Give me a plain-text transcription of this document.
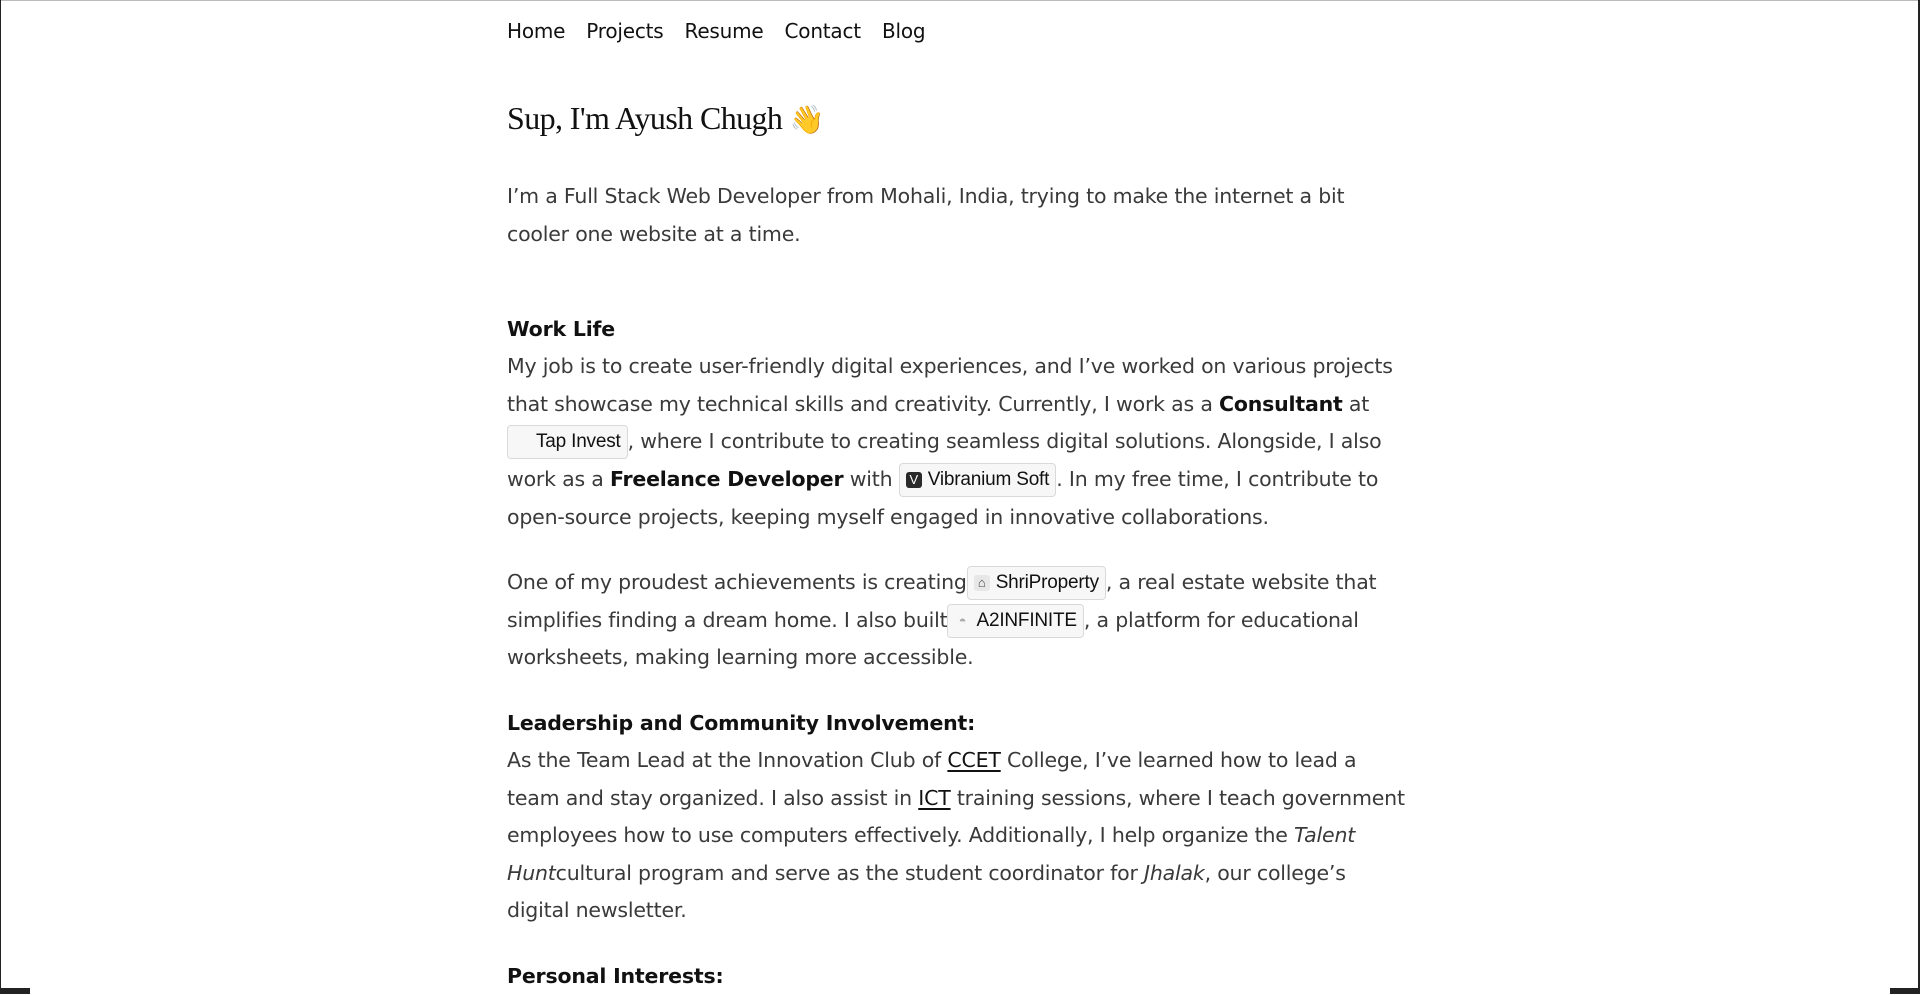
Home Projects Resume Contact Blog
Sup, I'm Ayush Chugh 👋

I’m a Full Stack Web Developer from Mohali, India, trying to make the internet a bit cooler one website at a time.

Work Life

My job is to create user-friendly digital experiences, and I’ve worked on various projects that showcase my technical skills and creativity. Currently, I work as a Consultant at

Tap Invest , where I contribute to creating seamless digital solutions. Alongside, I also work as a Freelance Developer with V Vibranium Soft . In my free time, I contribute to open-source projects, keeping myself engaged in innovative collaborations.

One of my proudest achievements is creating ⌂ ShriProperty , a real estate website that simplifies finding a dream home. I also built ◓ A2INFINITE , a platform for educational worksheets, making learning more accessible.

Leadership and Community Involvement:

As the Team Lead at the Innovation Club of CCET College, I’ve learned how to lead a team and stay organized. I also assist in ICT training sessions, where I teach government employees how to use computers effectively. Additionally, I help organize the Talent Huntcultural program and serve as the student coordinator for Jhalak, our college’s digital newsletter.

Personal Interests:
